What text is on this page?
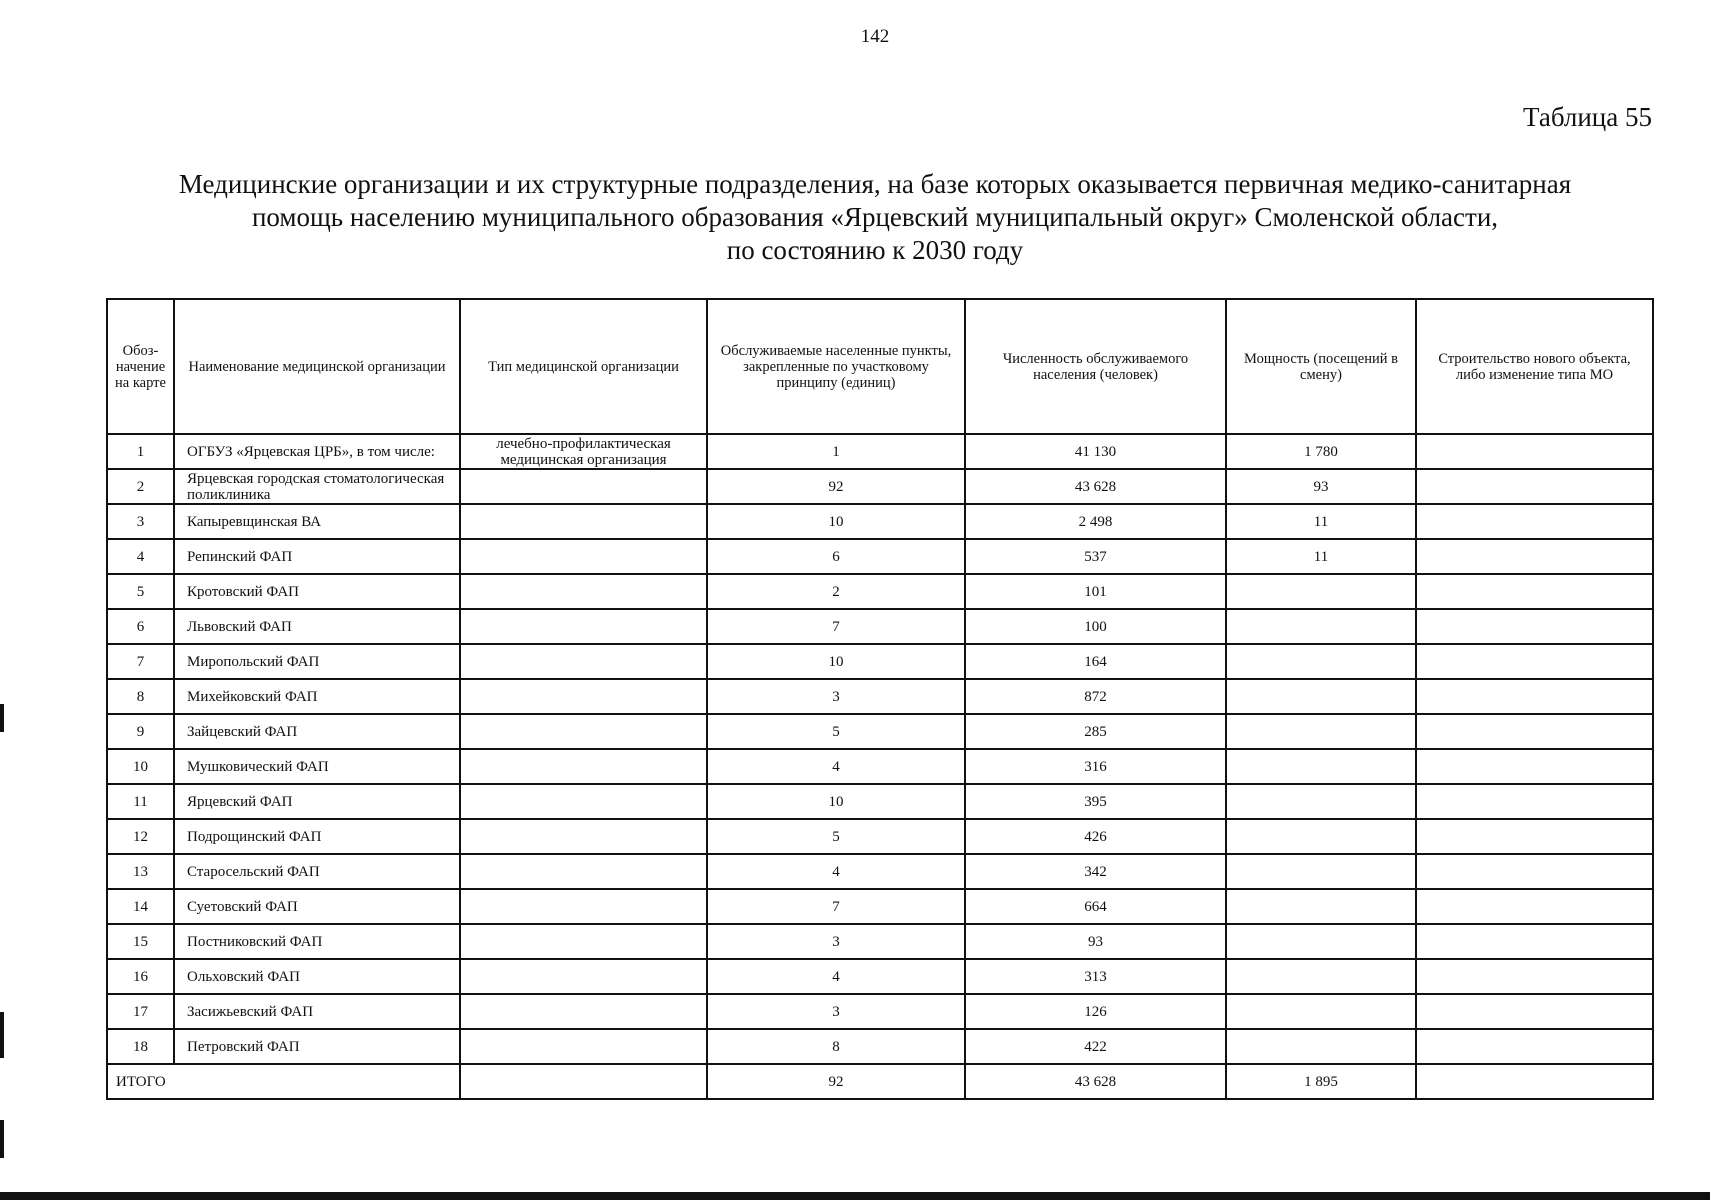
142
Таблица 55
Медицинские организации и их структурные подразделения, на базе которых оказывается первичная медико-санитарная
помощь населению муниципального образования «Ярцевский муниципальный округ» Смоленской области,
по состоянию к 2030 году
Обоз-начение на карте	Наименование медицинской организации	Тип медицинской организации	Обслуживаемые населенные пункты, закрепленные по участковому принципу (единиц)	Численность обслуживаемого населения (человек)	Мощность (посещений в смену)	Строительство нового объекта, либо изменение типа МО
1	ОГБУЗ «Ярцевская ЦРБ», в том числе:	лечебно-профилактическая медицинская организация	1	41 130	1 780	
2	Ярцевская городская стоматологическая поликлиника		92	43 628	93	
3	Капыревщинская ВА		10	2 498	11	
4	Репинский ФАП		6	537	11	
5	Кротовский ФАП		2	101		
6	Львовский ФАП		7	100		
7	Миропольский ФАП		10	164		
8	Михейковский ФАП		3	872		
9	Зайцевский ФАП		5	285		
10	Мушковичеcкий ФАП		4	316		
11	Ярцевский ФАП		10	395		
12	Подрощинский ФАП		5	426		
13	Старосельский ФАП		4	342		
14	Суетовский ФАП		7	664		
15	Постниковский ФАП		3	93		
16	Ольховский ФАП		4	313		
17	Засижьевский ФАП		3	126		
18	Петровский ФАП		8	422		
ИТОГО			92	43 628	1 895	
